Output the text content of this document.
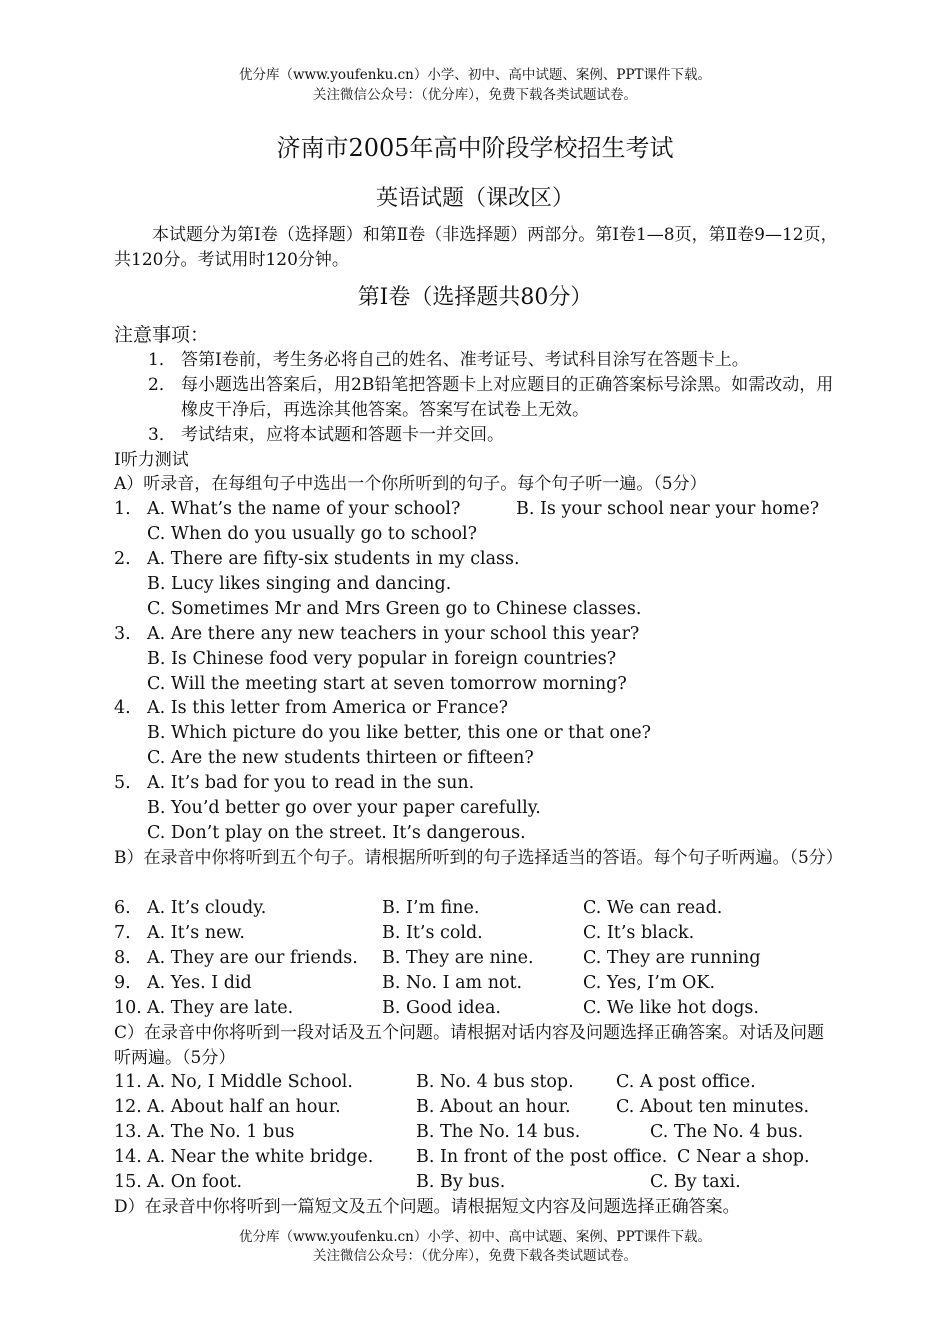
优分库（www.youfenku.cn）小学、初中、高中试题、案例、PPT课件下载。
关注微信公众号：（优分库），免费下载各类试题试卷。
济南市2005年高中阶段学校招生考试
英语试题（课改区）
本试题分为第Ⅰ卷（选择题）和第Ⅱ卷（非选择题）两部分。第Ⅰ卷1—8页，第Ⅱ卷9—12页，共120分。考试用时120分钟。
第Ⅰ卷（选择题共80分）
注意事项：
1． 答第Ⅰ卷前，考生务必将自己的姓名、准考证号、考试科目涂写在答题卡上。
2． 每小题选出答案后，用2B铅笔把答题卡上对应题目的正确答案标号涂黑。如需改动，用橡皮干净后，再选涂其他答案。答案写在试卷上无效。
3． 考试结束，应将本试题和答题卡一并交回。
Ⅰ听力测试
A）听录音，在每组句子中选出一个你所听到的句子。每个句子听一遍。（5分）
1. A. What’s the name of your school?	B. Is your school near your home?
C. When do you usually go to school?
2. A. There are fifty-six students in my class.
B. Lucy likes singing and dancing.
C. Sometimes Mr and Mrs Green go to Chinese classes.
3. A. Are there any new teachers in your school this year?
B. Is Chinese food very popular in foreign countries?
C. Will the meeting start at seven tomorrow morning?
4. A. Is this letter from America or France?
B. Which picture do you like better, this one or that one?
C. Are the new students thirteen or fifteen?
5. A. It’s bad for you to read in the sun.
B. You’d better go over your paper carefully.
C. Don’t play on the street. It’s dangerous.
B）在录音中你将听到五个句子。请根据所听到的句子选择适当的答语。每个句子听两遍。（5分）
6. A. It’s cloudy.	B. I’m fine.	C. We can read.
7. A. It’s new.	B. It’s cold.	C. It’s black.
8. A. They are our friends. B. They are nine.	C. They are running
9. A. Yes. I did	B. No. I am not.	C. Yes, I’m OK.
10. A. They are late.	B. Good idea.	C. We like hot dogs.
C）在录音中你将听到一段对话及五个问题。请根据对话内容及问题选择正确答案。对话及问题听两遍。（5分）
11. A. No, I Middle School.	B. No. 4 bus stop. C. A post office.
12. A. About half an hour.	B. About an hour.	C. About ten minutes.
13. A. The No. 1 bus	B. The No. 14 bus.	C. The No. 4 bus.
14. A. Near the white bridge. B. In front of the post office. C Near a shop.
15. A. On foot.	B. By bus.	C. By taxi.
D）在录音中你将听到一篇短文及五个问题。请根据短文内容及问题选择正确答案。
优分库（www.youfenku.cn）小学、初中、高中试题、案例、PPT课件下载。
关注微信公众号：（优分库），免费下载各类试题试卷。
